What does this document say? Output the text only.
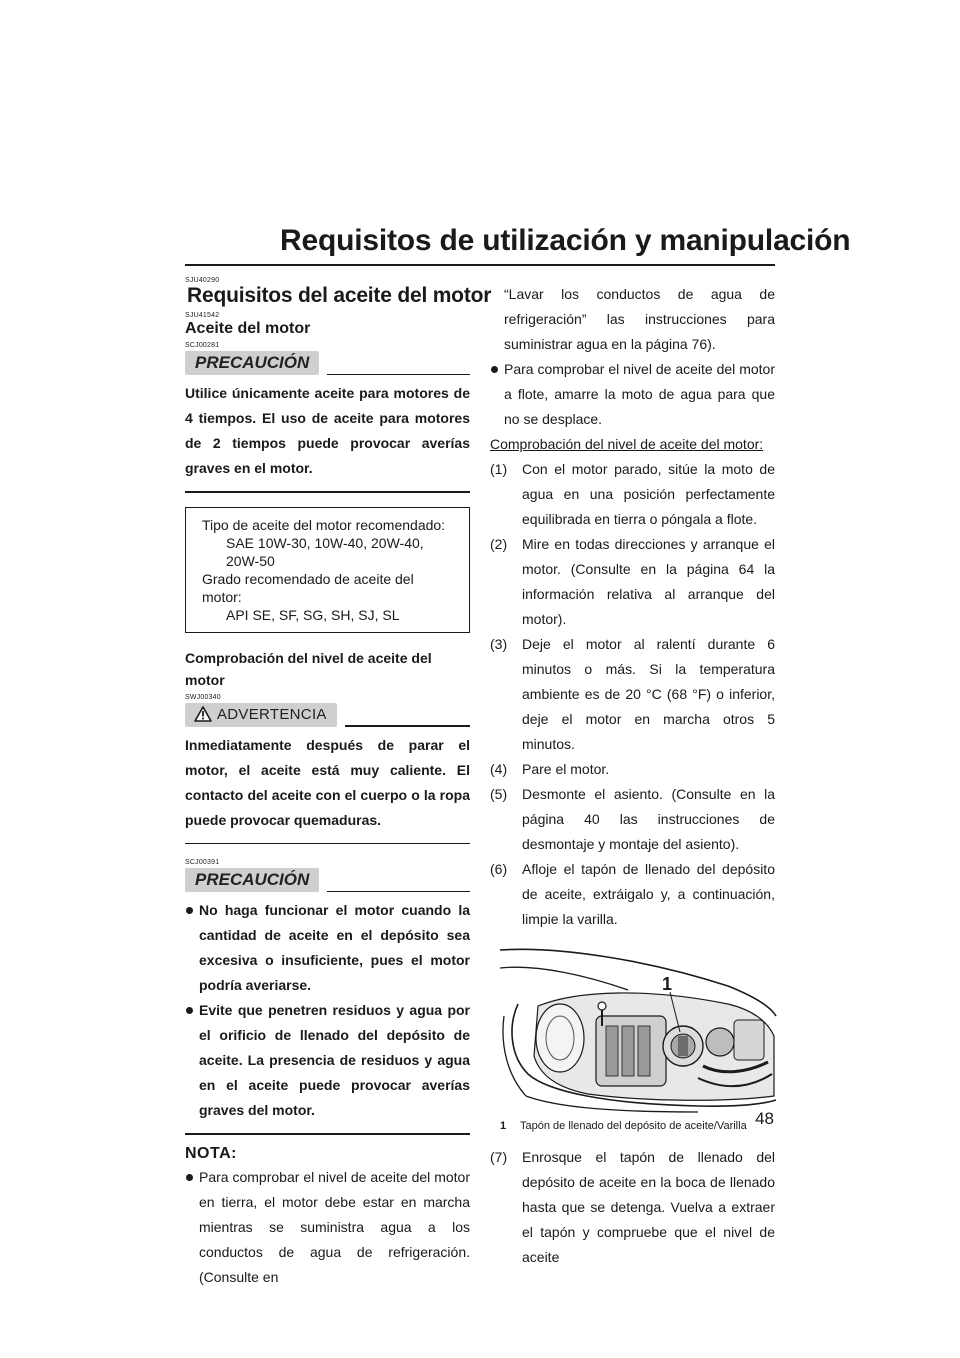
Requisitos de utilización y manipulación
SJU40290
Requisitos del aceite del motor
SJU41542
Aceite del motor
SCJ00281
PRECAUCIÓN
Utilice únicamente aceite para motores de 4 tiempos. El uso de aceite para motores de 2 tiempos puede provocar averías graves en el motor.
Tipo de aceite del motor recomendado:
SAE 10W-30, 10W-40, 20W-40, 20W-50
Grado recomendado de aceite del motor:
API SE, SF, SG, SH, SJ, SL
Comprobación del nivel de aceite del motor
SWJ00340
ADVERTENCIA
Inmediatamente después de parar el motor, el aceite está muy caliente. El contacto del aceite con el cuerpo o la ropa puede provocar quemaduras.
SCJ00391
PRECAUCIÓN
No haga funcionar el motor cuando la cantidad de aceite en el depósito sea excesiva o insuficiente, pues el motor podría averiarse.
Evite que penetren residuos y agua por el orificio de llenado del depósito de aceite. La presencia de residuos y agua en el aceite puede provocar averías graves del motor.
NOTA:
Para comprobar el nivel de aceite del motor en tierra, el motor debe estar en marcha mientras se suministra agua a los conductos de agua de refrigeración. (Consulte en
“Lavar los conductos de agua de refrigeración” las instrucciones para suministrar agua en la página 76).
Para comprobar el nivel de aceite del motor a flote, amarre la moto de agua para que no se desplace.
Comprobación del nivel de aceite del motor:
(1) Con el motor parado, sitúe la moto de agua en una posición perfectamente equilibrada en tierra o póngala a flote.
(2) Mire en todas direcciones y arranque el motor. (Consulte en la página 64 la información relativa al arranque del motor).
(3) Deje el motor al ralentí durante 6 minutos o más. Si la temperatura ambiente es de 20 °C (68 °F) o inferior, deje el motor en marcha otros 5 minutos.
(4) Pare el motor.
(5) Desmonte el asiento. (Consulte en la página 40 las instrucciones de desmontaje y montaje del asiento).
(6) Afloje el tapón de llenado del depósito de aceite, extráigalo y, a continuación, limpie la varilla.
1
1 Tapón de llenado del depósito de aceite/Varilla
(7) Enrosque el tapón de llenado del depósito de aceite en la boca de llenado hasta que se detenga. Vuelva a extraer el tapón y compruebe que el nivel de aceite
48
